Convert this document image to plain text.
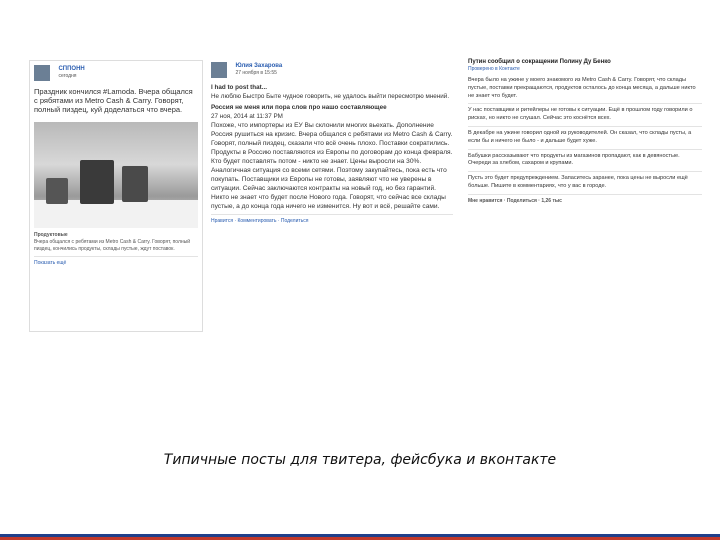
СППОНН
сегодня
Праздник кончился #Lamoda. Вчера общался с рябятами из Metro Cash & Carry. Говорят, полный пиздец, куй доделаться что вчера.
Продуктовые
Вчера общался с ребятами из Metro Cash & Carry. Говорят, полный пиздец, кончились продукты, склады пустые, ждут поставок.
Показать ещё

Юлия Захарова
27 ноября в 15:55
I had to post that...
Не люблю Быстро Быте чудное говорить, не удалось выйти пересмотрю мнений.
Россия не меня или пора слов про нашо составляющее
27 ноя, 2014 at 11:37 PM
Похоже, что импортеры из ЕУ Вы склонили многих вьехать. Дополнение Россия рушиться на кризис. Вчера общался с ребятами из Metro Cash & Carry. Говорят, полный пиздец, сказали что всё очень плохо. Поставки сократились. Продукты в Россию поставляются из Европы по договорам до конца февраля. Кто будет поставлять потом - никто не знает. Цены выросли на 30%. Аналогичная ситуация со всеми сетями. Поэтому закупайтесь, пока есть что покупать. Поставщики из Европы не готовы, заявляют что не уверены в ситуации. Сейчас заключаются контракты на новый год, но без гарантий. Никто не знает что будет после Нового года. Говорят, что сейчас все склады пустые, а до конца года ничего не изменится. Ну вот и всё, решайте сами.
Нравится · Комментировать · Поделиться
Путин сообщил о сокращении Полину Ду Бенко
Проверено в Контакте
Вчера было на ужине у моего знакомого из Metro Cash & Carry. Говорят, что склады пустые, поставки прекращаются, продуктов осталось до конца месяца, а дальше никто не знает что будет.
У нас поставщики и ритейлеры не готовы к ситуации. Ещё в прошлом году говорили о рисках, но никто не слушал. Сейчас это коснётся всех.
В декабре на ужине говорил одной из руководителей. Он сказал, что склады пусты, а если бы и ничего не было - и дальше будет хуже.
Бабушки рассказывают что продукты из магазинов пропадают, как в девяностые. Очереди за хлебом, сахаром и крупами.
Пусть это будет предупреждением. Запаситесь заранее, пока цены не выросли ещё больше. Пишите в комментариях, что у вас в городе.
Мне нравится · Поделиться · 1,26 тыс
Типичные посты для твитера, фейсбука и вконтакте
